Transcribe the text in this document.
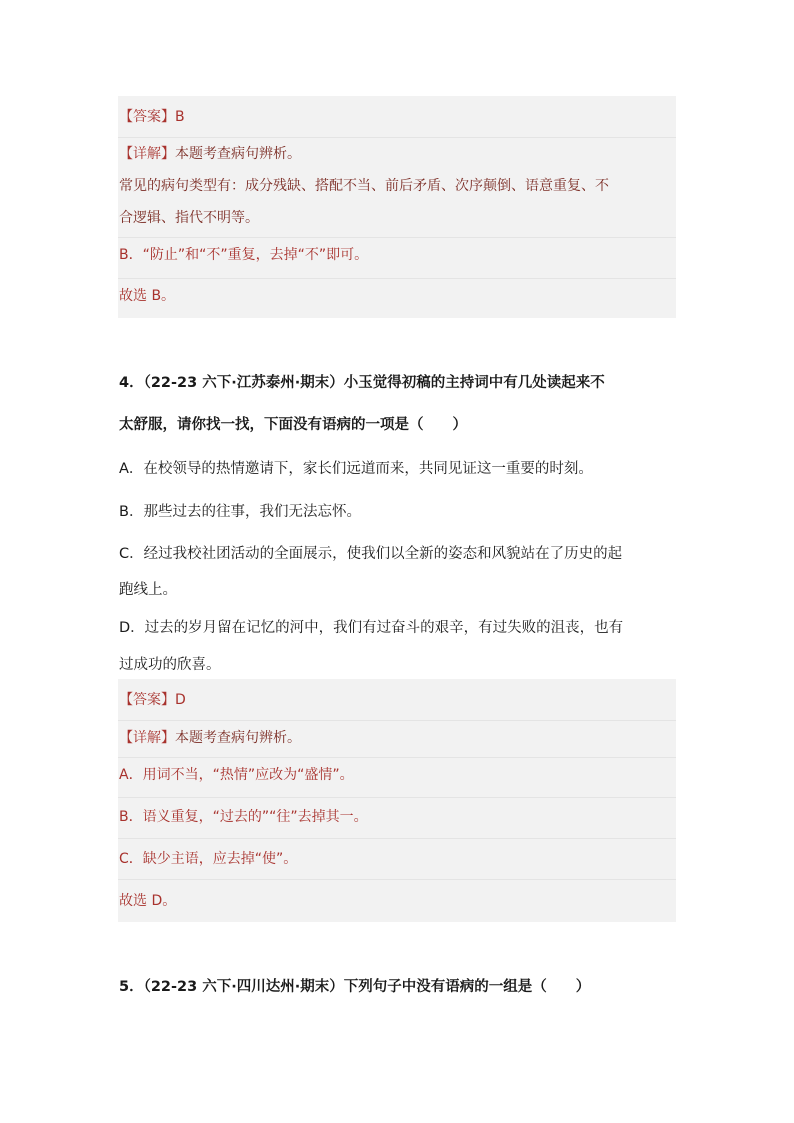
【答案】B
【详解】本题考查病句辨析。
常见的病句类型有：成分残缺、搭配不当、前后矛盾、次序颠倒、语意重复、不
合逻辑、指代不明等。
B．“防止”和“不”重复，去掉“不”即可。
故选 B。
4．（22-23 六下·江苏泰州·期末）小玉觉得初稿的主持词中有几处读起来不
太舒服，请你找一找，下面没有语病的一项是（　　）
A．在校领导的热情邀请下，家长们远道而来，共同见证这一重要的时刻。
B．那些过去的往事，我们无法忘怀。
C．经过我校社团活动的全面展示，使我们以全新的姿态和风貌站在了历史的起
跑线上。
D．过去的岁月留在记忆的河中，我们有过奋斗的艰辛，有过失败的沮丧，也有
过成功的欣喜。
【答案】D
【详解】本题考查病句辨析。
A．用词不当，“热情”应改为“盛情”。
B．语义重复，“过去的”“往”去掉其一。
C．缺少主语，应去掉“使”。
故选 D。
5．（22-23 六下·四川达州·期末）下列句子中没有语病的一组是（　　）
